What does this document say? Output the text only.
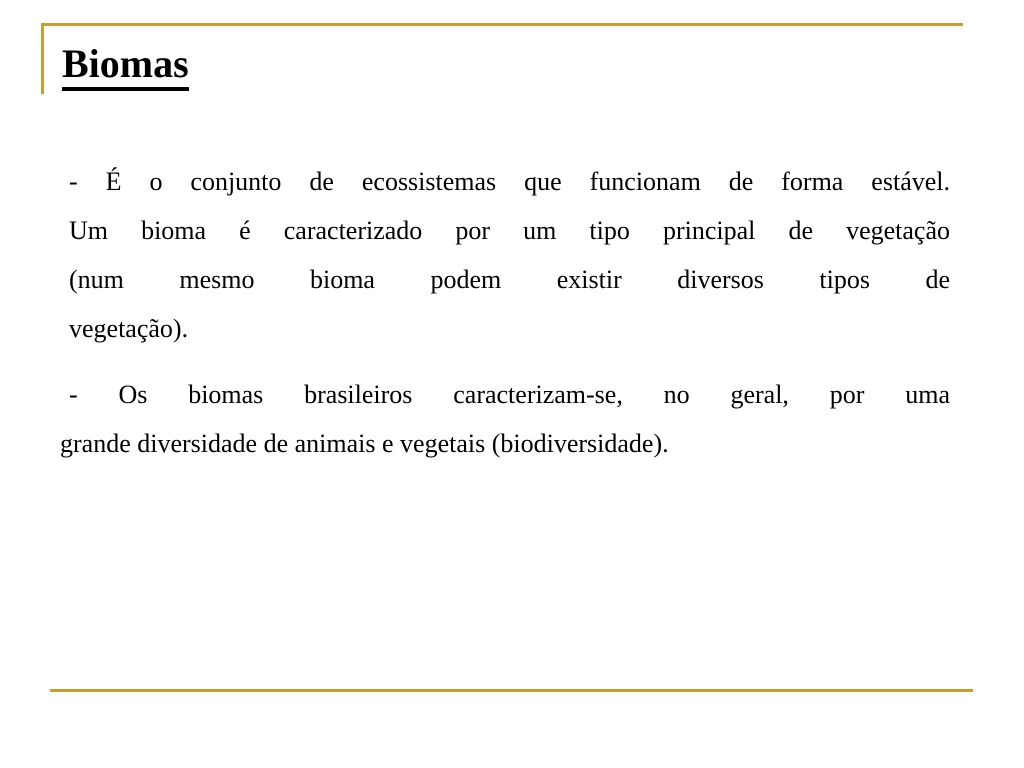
Biomas
- É o conjunto de ecossistemas que funcionam de forma estável.
Um bioma é caracterizado por um tipo principal de vegetação
(num mesmo bioma podem existir diversos tipos de
vegetação).
- Os biomas brasileiros caracterizam-se, no geral, por uma
grande diversidade de animais e vegetais (biodiversidade).
